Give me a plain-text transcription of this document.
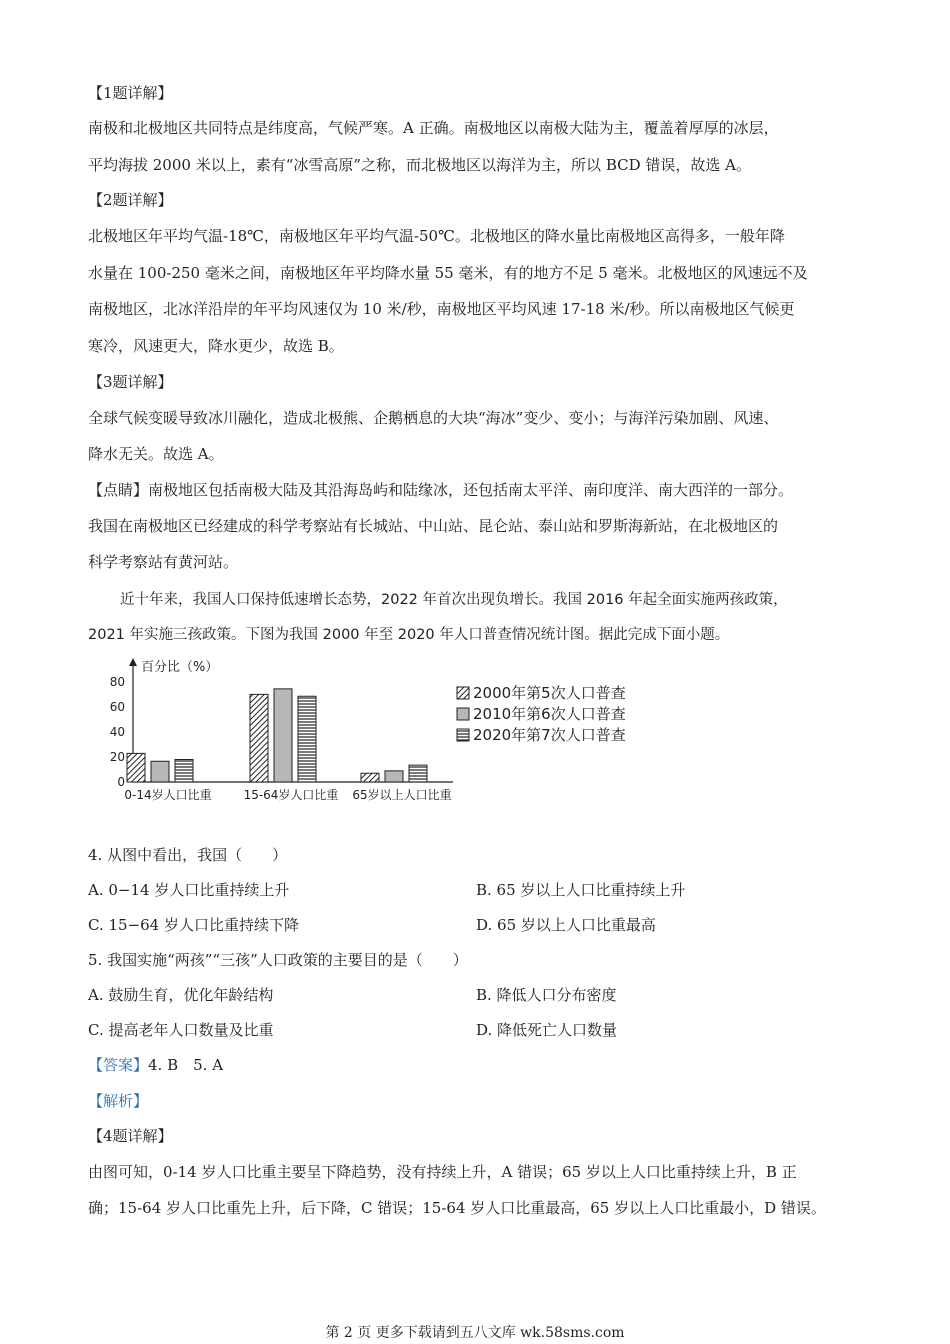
【1题详解】
南极和北极地区共同特点是纬度高，气候严寒。A 正确。南极地区以南极大陆为主，覆盖着厚厚的冰层，
平均海拔 2000 米以上，素有“冰雪高原”之称，而北极地区以海洋为主，所以 BCD 错误，故选 A。
【2题详解】
北极地区年平均气温-18℃，南极地区年平均气温-50℃。北极地区的降水量比南极地区高得多，一般年降
水量在 100-250 毫米之间，南极地区年平均降水量 55 毫米，有的地方不足 5 毫米。北极地区的风速远不及
南极地区，北冰洋沿岸的年平均风速仅为 10 米/秒，南极地区平均风速 17-18 米/秒。所以南极地区气候更
寒冷，风速更大，降水更少，故选 B。
【3题详解】
全球气候变暖导致冰川融化，造成北极熊、企鹅栖息的大块“海冰”变少、变小；与海洋污染加剧、风速、
降水无关。故选 A。
【点睛】南极地区包括南极大陆及其沿海岛屿和陆缘冰，还包括南太平洋、南印度洋、南大西洋的一部分。
我国在南极地区已经建成的科学考察站有长城站、中山站、昆仑站、泰山站和罗斯海新站，在北极地区的
科学考察站有黄河站。
近十年来，我国人口保持低速增长态势，2022 年首次出现负增长。我国 2016 年起全面实施两孩政策，
2021 年实施三孩政策。下图为我国 2000 年至 2020 年人口普查情况统计图。据此完成下面小题。
百分比（%）
0
20
40
60
80
0-14岁人口比重	15-64岁人口比重 65岁以上人口比重
2000年第5次人口普查
2010年第6次人口普查
2020年第7次人口普查
4. 从图中看出，我国（　　）
A. 0−14 岁人口比重持续上升	B. 65 岁以上人口比重持续上升
C. 15−64 岁人口比重持续下降	D. 65 岁以上人口比重最高
5. 我国实施“两孩”“三孩”人口政策的主要目的是（　　）
A. 鼓励生育，优化年龄结构	B. 降低人口分布密度
C. 提高老年人口数量及比重	D. 降低死亡人口数量
【答案】4. B　5. A
【解析】
【4题详解】
由图可知，0-14 岁人口比重主要呈下降趋势，没有持续上升，A 错误；65 岁以上人口比重持续上升，B 正
确；15-64 岁人口比重先上升，后下降，C 错误；15-64 岁人口比重最高，65 岁以上人口比重最小，D 错误。
第 2 页 更多下载请到五八文库 wk.58sms.com
